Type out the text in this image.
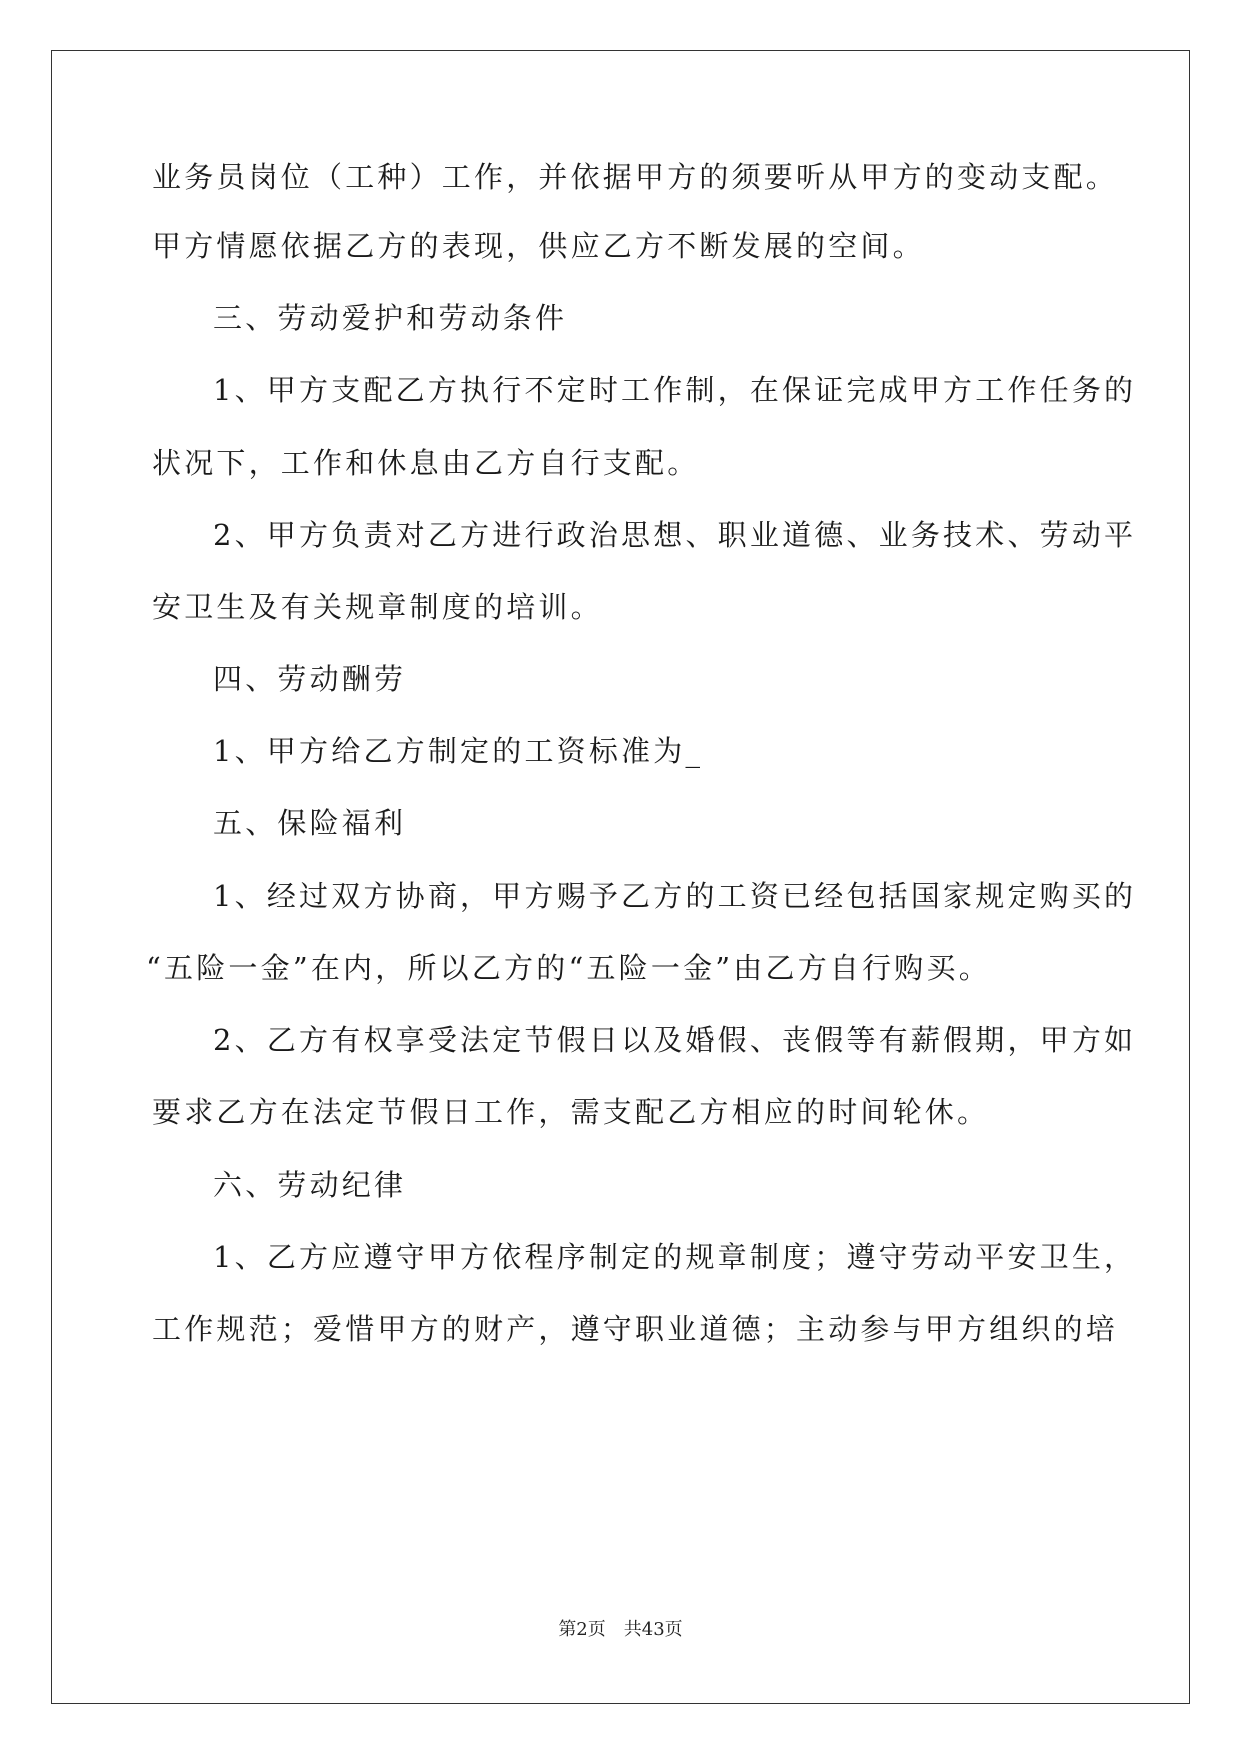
业务员岗位（工种）工作，并依据甲方的须要听从甲方的变动支配。
甲方情愿依据乙方的表现，供应乙方不断发展的空间。
三、劳动爱护和劳动条件
1、甲方支配乙方执行不定时工作制，在保证完成甲方工作任务的
状况下，工作和休息由乙方自行支配。
2、甲方负责对乙方进行政治思想、职业道德、业务技术、劳动平
安卫生及有关规章制度的培训。
四、劳动酬劳
1、甲方给乙方制定的工资标准为_
五、保险福利
1、经过双方协商，甲方赐予乙方的工资已经包括国家规定购买的
“五险一金”在内，所以乙方的“五险一金”由乙方自行购买。
2、乙方有权享受法定节假日以及婚假、丧假等有薪假期，甲方如
要求乙方在法定节假日工作，需支配乙方相应的时间轮休。
六、劳动纪律
1、乙方应遵守甲方依程序制定的规章制度；遵守劳动平安卫生，
工作规范；爱惜甲方的财产，遵守职业道德；主动参与甲方组织的培
第2页 共43页
